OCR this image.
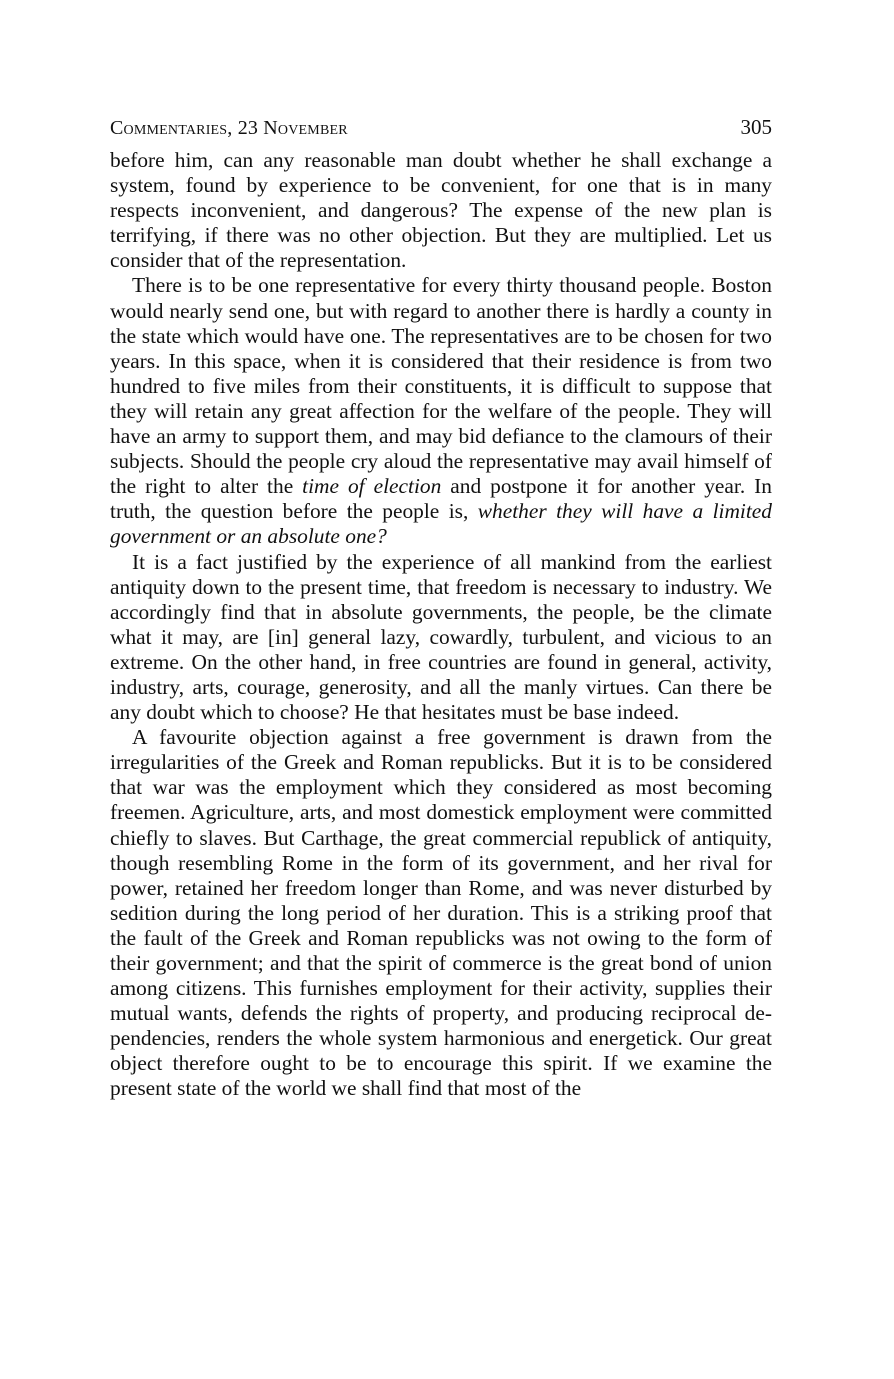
Commentaries, 23 November	305

before him, can any reasonable man doubt whether he shall exchange a system, found by experience to be convenient, for one that is in many respects inconvenient, and dangerous? The expense of the new plan is terrifying, if there was no other objection. But they are multiplied. Let us consider that of the representation.

There is to be one representative for every thirty thousand people. Boston would nearly send one, but with regard to another there is hardly a county in the state which would have one. The representatives are to be chosen for two years. In this space, when it is considered that their residence is from two hundred to five miles from their constituents, it is difficult to suppose that they will retain any great affection for the welfare of the people. They will have an army to support them, and may bid defiance to the clamours of their subjects. Should the people cry aloud the representative may avail himself of the right to alter the time of election and postpone it for another year. In truth, the question before the people is, whether they will have a limited government or an absolute one?

It is a fact justified by the experience of all mankind from the earliest antiquity down to the present time, that freedom is necessary to industry. We accordingly find that in absolute governments, the people, be the climate what it may, are [in] general lazy, cowardly, turbulent, and vicious to an extreme. On the other hand, in free countries are found in general, activity, industry, arts, courage, generosity, and all the manly virtues. Can there be any doubt which to choose? He that hesitates must be base indeed.

A favourite objection against a free government is drawn from the irregularities of the Greek and Roman republicks. But it is to be considered that war was the employment which they considered as most becoming freemen. Agriculture, arts, and most domestick employment were committed chiefly to slaves. But Carthage, the great commercial republick of antiquity, though resembling Rome in the form of its government, and her rival for power, retained her freedom longer than Rome, and was never disturbed by sedition during the long period of her duration. This is a striking proof that the fault of the Greek and Roman republicks was not owing to the form of their government; and that the spirit of commerce is the great bond of union among citizens. This furnishes employment for their activity, supplies their mutual wants, defends the rights of property, and producing reciprocal dependencies, renders the whole system harmonious and energetick. Our great object therefore ought to be to encourage this spirit. If we examine the present state of the world we shall find that most of the
